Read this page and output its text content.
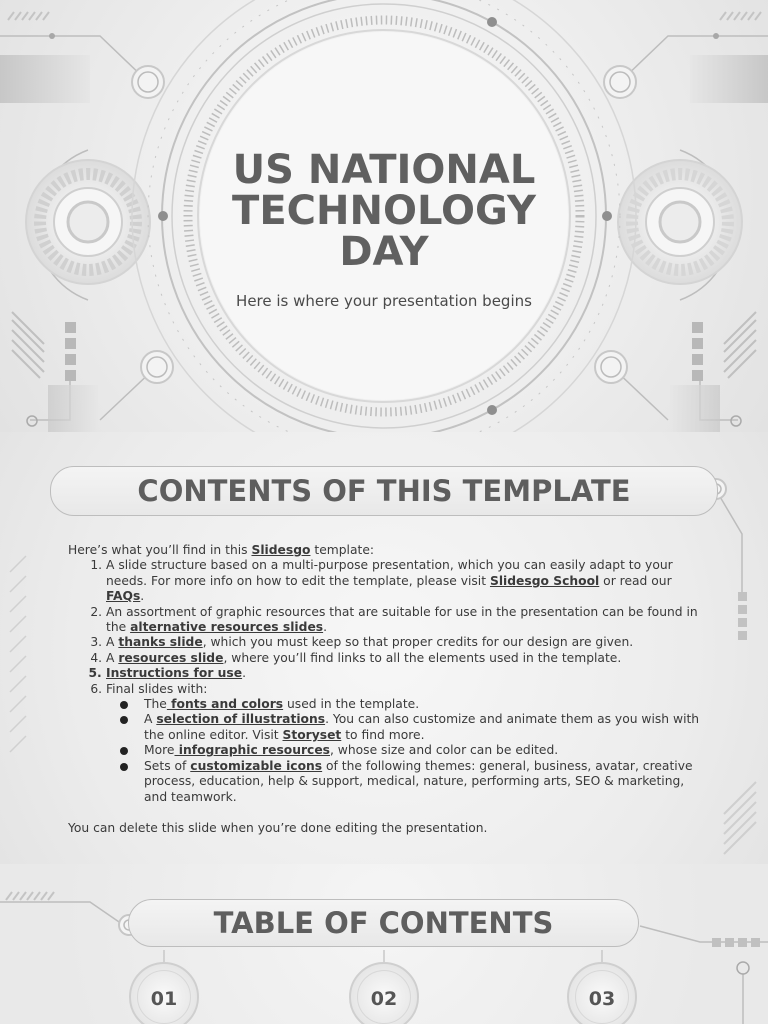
US NATIONAL TECHNOLOGY DAY
Here is where your presentation begins
CONTENTS OF THIS TEMPLATE

Here’s what you’ll find in this Slidesgo template:

1. A slide structure based on a multi-purpose presentation, which you can easily adapt to your needs. For more info on how to edit the template, please visit Slidesgo School or read our FAQs.
2. An assortment of graphic resources that are suitable for use in the presentation can be found in the alternative resources slides.
3. A thanks slide, which you must keep so that proper credits for our design are given.
4. A resources slide, where you’ll find links to all the elements used in the template.
5. Instructions for use.
6. Final slides with:
The fonts and colors used in the template.
A selection of illustrations. You can also customize and animate them as you wish with the online editor. Visit Storyset to find more.
More infographic resources, whose size and color can be edited.
Sets of customizable icons of the following themes: general, business, avatar, creative process, education, help & support, medical, nature, performing arts, SEO & marketing, and teamwork.

You can delete this slide when you’re done editing the presentation.

TABLE OF CONTENTS
01	02	03
